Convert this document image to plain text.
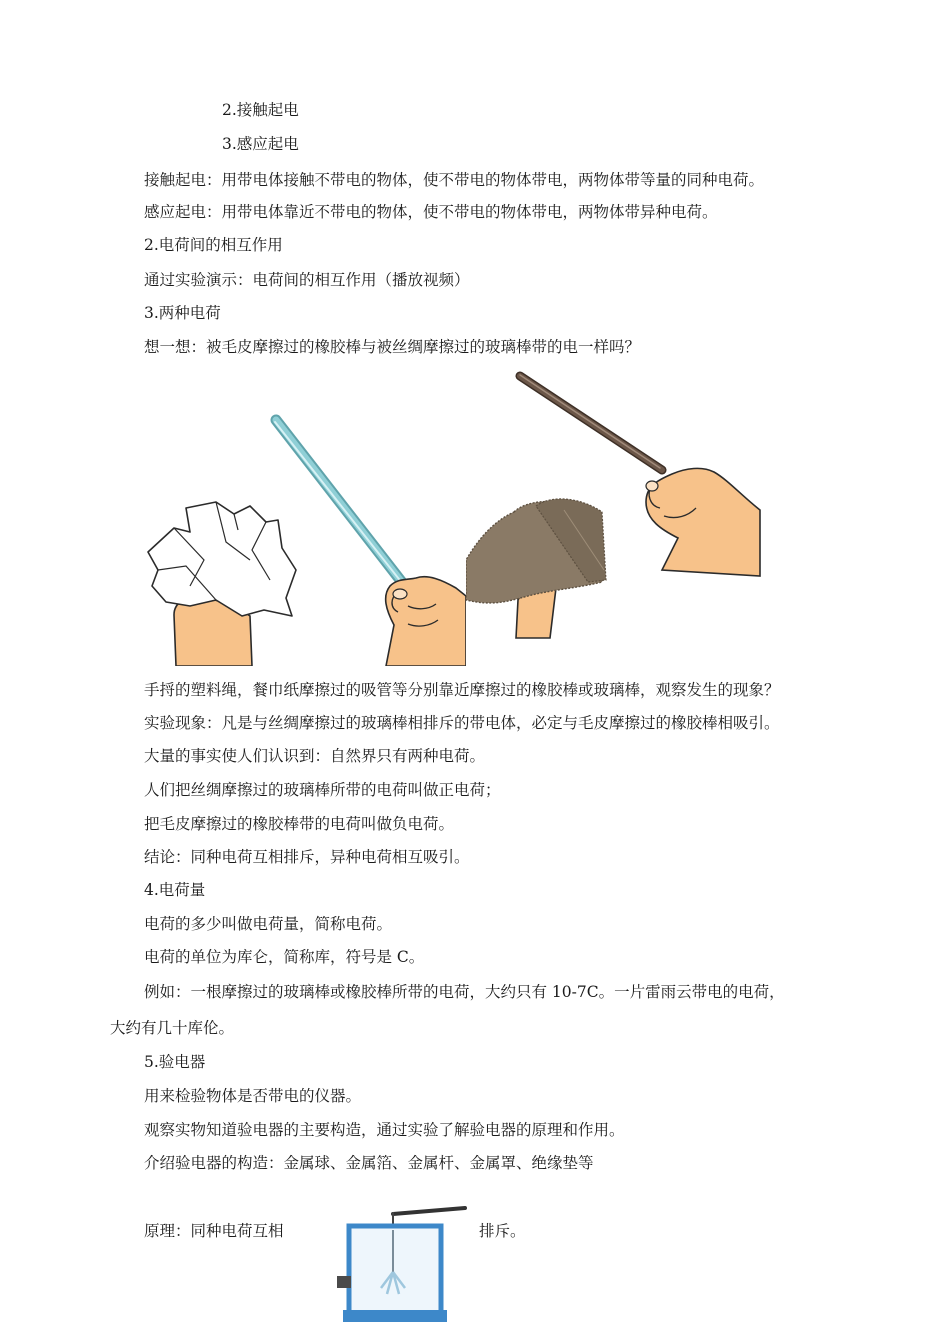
2.接触起电
3.感应起电
接触起电：用带电体接触不带电的物体，使不带电的物体带电，两物体带等量的同种电荷。
感应起电：用带电体靠近不带电的物体，使不带电的物体带电，两物体带异种电荷。
2.电荷间的相互作用
通过实验演示：电荷间的相互作用（播放视频）
3.两种电荷
想一想：被毛皮摩擦过的橡胶棒与被丝绸摩擦过的玻璃棒带的电一样吗？
手捋的塑料绳，餐巾纸摩擦过的吸管等分别靠近摩擦过的橡胶棒或玻璃棒，观察发生的现象？
实验现象：凡是与丝绸摩擦过的玻璃棒相排斥的带电体，必定与毛皮摩擦过的橡胶棒相吸引。
大量的事实使人们认识到：自然界只有两种电荷。
人们把丝绸摩擦过的玻璃棒所带的电荷叫做正电荷；
把毛皮摩擦过的橡胶棒带的电荷叫做负电荷。
结论：同种电荷互相排斥，异种电荷相互吸引。
4.电荷量
电荷的多少叫做电荷量，简称电荷。
电荷的单位为库仑，简称库，符号是 C。
例如：一根摩擦过的玻璃棒或橡胶棒所带的电荷，大约只有 10-7C。一片雷雨云带电的电荷，
大约有几十库伦。
5.验电器
用来检验物体是否带电的仪器。
观察实物知道验电器的主要构造，通过实验了解验电器的原理和作用。
介绍验电器的构造：金属球、金属箔、金属杆、金属罩、绝缘垫等
原理：同种电荷互相	排斥。
